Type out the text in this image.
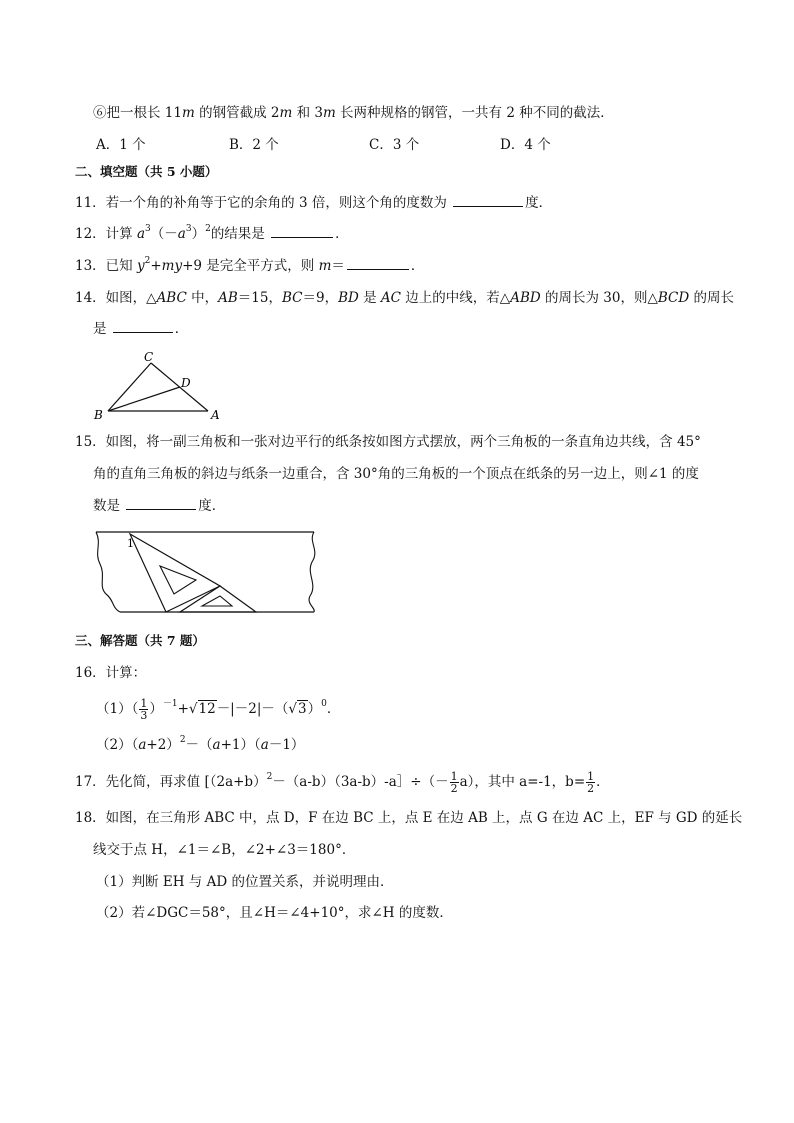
⑥把一根长 11m 的钢管截成 2m 和 3m 长两种规格的钢管，一共有 2 种不同的截法．
A．1 个	B．2 个	C．3 个	D．4 个
二、填空题（共 5 小题）
11．若一个角的补角等于它的余角的 3 倍，则这个角的度数为	度．
12．计算 $a^3(-a^3)^2$的结果是	．
13．已知 $y^2+my+9$ 是完全平方式，则 m＝	．
14．如图，△ABC 中，AB＝15，BC＝9，BD 是 AC 边上的中线，若△ABD 的周长为 30，则△BCD 的周长
是	．
C
D
B	A
15．如图，将一副三角板和一张对边平行的纸条按如图方式摆放，两个三角板的一条直角边共线，含 45°
角的直角三角板的斜边与纸条一边重合，含 30°角的三角板的一个顶点在纸条的另一边上，则∠1 的度
数是	度．
1
三、解答题（共 7 题）
16．计算：
$(1)( \frac{1}{3} )^{-1}+√12-|-2|-(√3)^0$．
$(2)(a+2)^2-(a+1)(a-1)$
17．先化简，再求值 [$(2a+b)^2-(a-b)(3a-b)-a]\div(- \frac{1}{2} a)$，其中 a=-1，$b= \frac{1}{2}$ ．
18．如图，在三角形 ABC 中，点 D，F 在边 BC 上，点 E 在边 AB 上，点 G 在边 AC 上，EF 与 GD 的延长
线交于点 H，∠1＝∠B，∠2+∠3＝180°．
（1）判断 EH 与 AD 的位置关系，并说明理由．
（2）若∠DGC＝58°，且∠H＝∠4+10°，求∠H 的度数．
